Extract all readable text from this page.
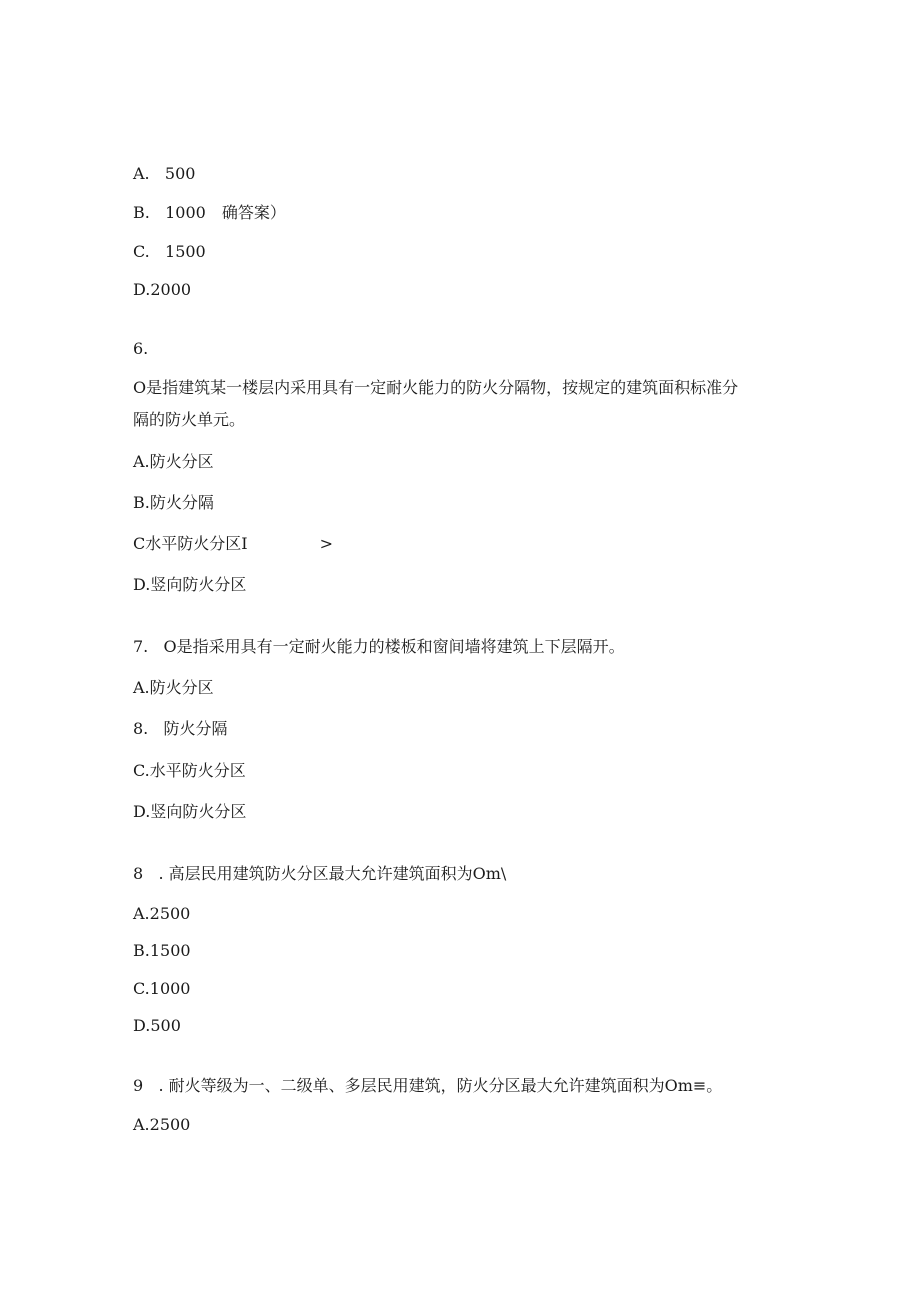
A.   500
B.   1000 确答案）
C.   1500
D.2000
6.
O是指建筑某一楼层内采用具有一定耐火能力的防火分隔物，按规定的建筑面积标准分
隔的防火单元。
A.防火分区
B.防火分隔
C水平防火分区I	>
D.竖向防火分区
7.   O是指采用具有一定耐火能力的楼板和窗间墙将建筑上下层隔开。
A.防火分区
8.   防火分隔
C.水平防火分区
D.竖向防火分区
8   . 高层民用建筑防火分区最大允许建筑面积为Om\
A.2500
B.1500
C.1000
D.500
9   . 耐火等级为一、二级单、多层民用建筑，防火分区最大允许建筑面积为Om≡。
A.2500
